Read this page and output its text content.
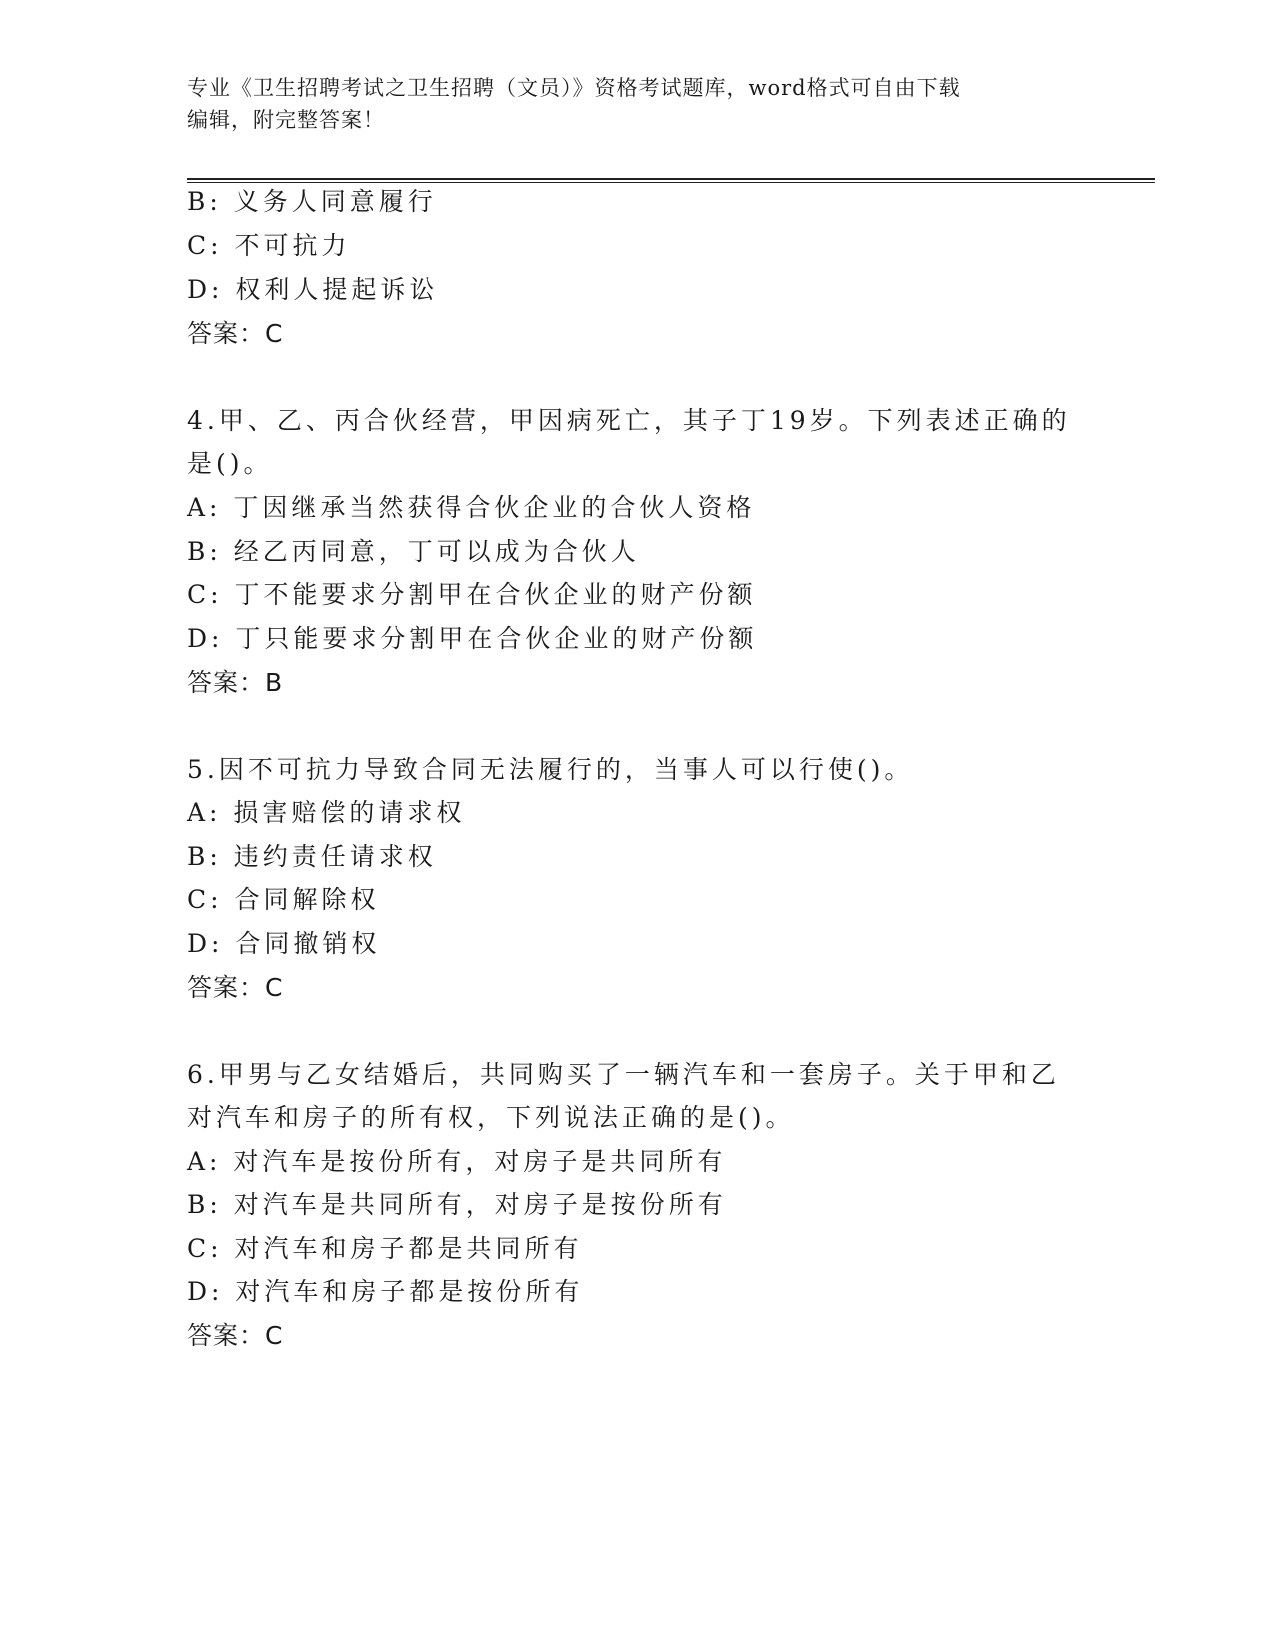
专业《卫生招聘考试之卫生招聘（文员）》资格考试题库，word格式可自由下载
编辑，附完整答案！
B: 义务人同意履行
C: 不可抗力
D: 权利人提起诉讼
答案：C
4.甲、乙、丙合伙经营，甲因病死亡，其子丁19岁。下列表述正确的
是()。
A: 丁因继承当然获得合伙企业的合伙人资格
B: 经乙丙同意，丁可以成为合伙人
C: 丁不能要求分割甲在合伙企业的财产份额
D: 丁只能要求分割甲在合伙企业的财产份额
答案：B
5.因不可抗力导致合同无法履行的，当事人可以行使()。
A: 损害赔偿的请求权
B: 违约责任请求权
C: 合同解除权
D: 合同撤销权
答案：C
6.甲男与乙女结婚后，共同购买了一辆汽车和一套房子。关于甲和乙
对汽车和房子的所有权，下列说法正确的是()。
A: 对汽车是按份所有，对房子是共同所有
B: 对汽车是共同所有，对房子是按份所有
C: 对汽车和房子都是共同所有
D: 对汽车和房子都是按份所有
答案：C
